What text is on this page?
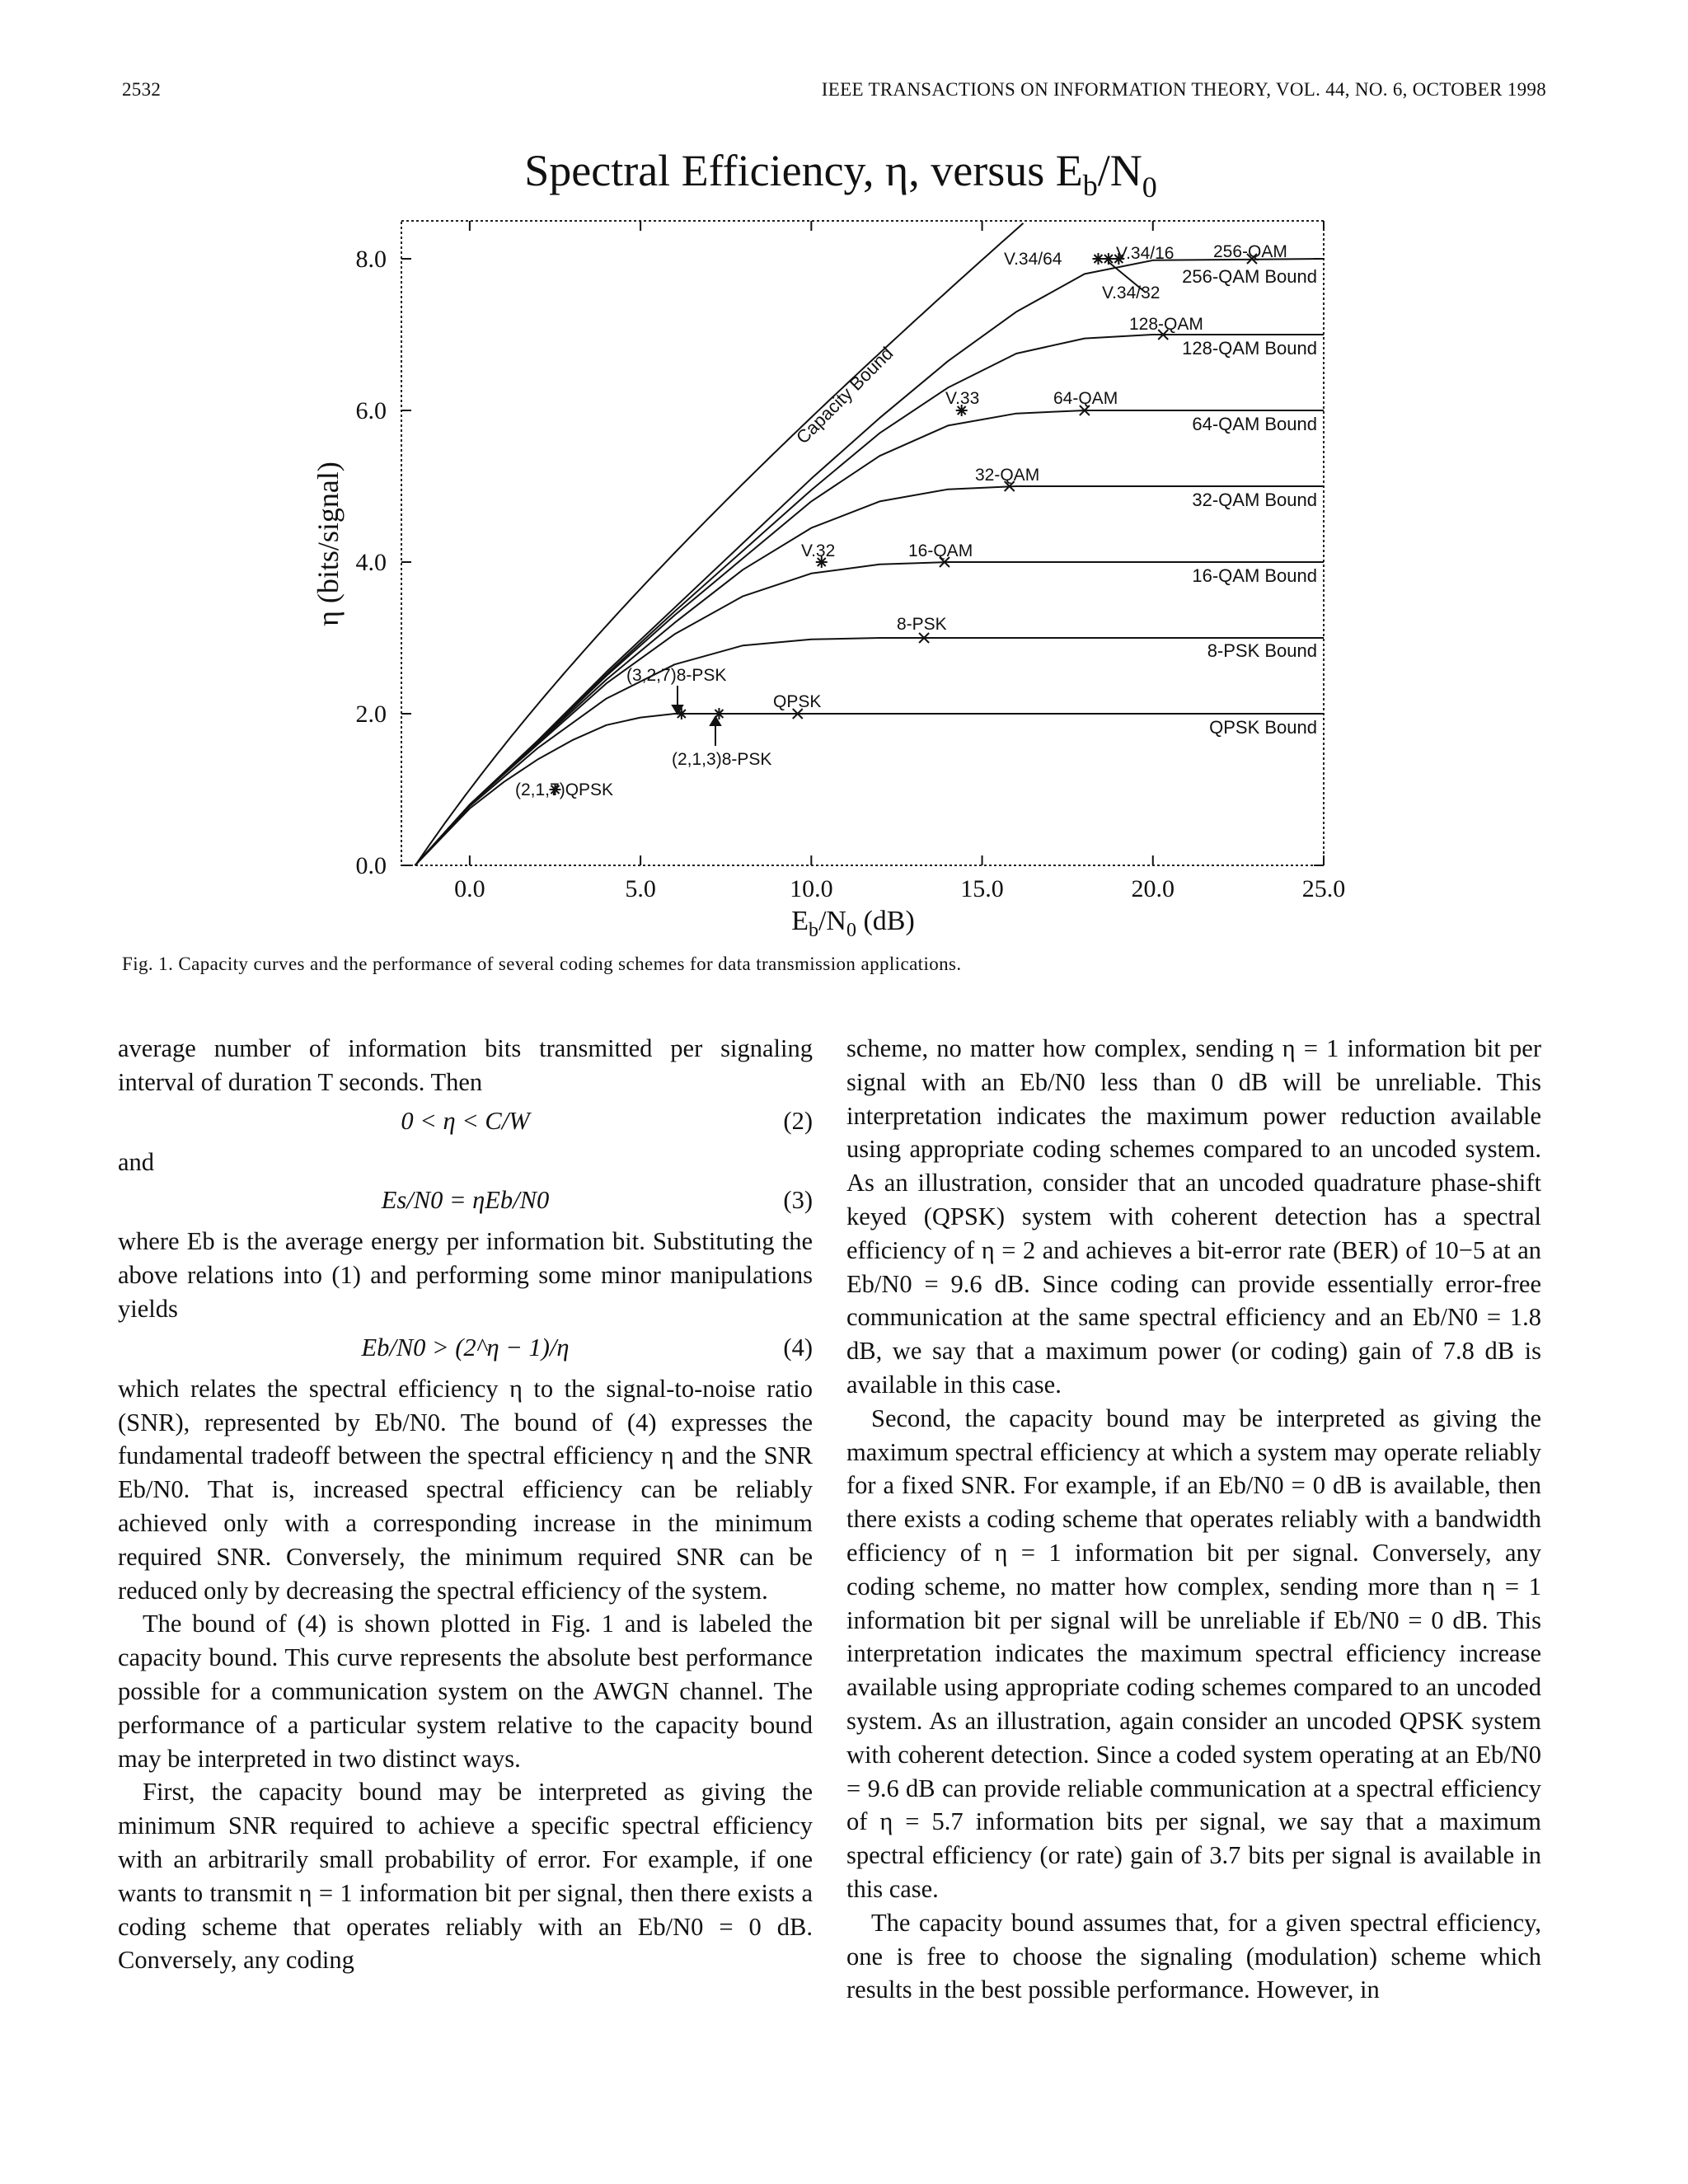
2532	IEEE TRANSACTIONS ON INFORMATION THEORY, VOL. 44, NO. 6, OCTOBER 1998
Spectral Efficiency, η, versus $E_b/N_0$
0.0	5.0	10.0	15.0	20.0	25.0
0.0
2.0
4.0
6.0
8.0
Capacity Bound
256-QAM Bound
128-QAM Bound
64-QAM Bound
32-QAM Bound
16-QAM Bound
8-PSK Bound
QPSK Bound
256-QAM
V.34/64	V.34/16
V.34/32
128-QAM
V.33	64-QAM
32-QAM
V.32	16-QAM
8-PSK
(3,2,7)8-PSK
QPSK
(2,1,3)8-PSK
(2,1,7)QPSK
$E_b/N_0$ (dB)
η (bits/signal)
Fig. 1. Capacity curves and the performance of several coding schemes for data transmission applications.

average number of information bits transmitted per signaling interval of duration T seconds. Then

0 < η < C/W	(2)

and

Es/N0 = ηEb/N0	(3)

where Eb is the average energy per information bit. Substituting the above relations into (1) and performing some minor manipulations yields

Eb/N0 > (2^η − 1)/η	(4)

which relates the spectral efficiency η to the signal-to-noise ratio (SNR), represented by Eb/N0. The bound of (4) expresses the fundamental tradeoff between the spectral efficiency η and the SNR Eb/N0. That is, increased spectral efficiency can be reliably achieved only with a corresponding increase in the minimum required SNR. Conversely, the minimum required SNR can be reduced only by decreasing the spectral efficiency of the system.

The bound of (4) is shown plotted in Fig. 1 and is labeled the capacity bound. This curve represents the absolute best performance possible for a communication system on the AWGN channel. The performance of a particular system relative to the capacity bound may be interpreted in two distinct ways.

First, the capacity bound may be interpreted as giving the minimum SNR required to achieve a specific spectral efficiency with an arbitrarily small probability of error. For example, if one wants to transmit η = 1 information bit per signal, then there exists a coding scheme that operates reliably with an Eb/N0 = 0 dB. Conversely, any coding

scheme, no matter how complex, sending η = 1 information bit per signal with an Eb/N0 less than 0 dB will be unreliable. This interpretation indicates the maximum power reduction available using appropriate coding schemes compared to an uncoded system. As an illustration, consider that an uncoded quadrature phase-shift keyed (QPSK) system with coherent detection has a spectral efficiency of η = 2 and achieves a bit-error rate (BER) of 10−5 at an Eb/N0 = 9.6 dB. Since coding can provide essentially error-free communication at the same spectral efficiency and an Eb/N0 = 1.8 dB, we say that a maximum power (or coding) gain of 7.8 dB is available in this case.

Second, the capacity bound may be interpreted as giving the maximum spectral efficiency at which a system may operate reliably for a fixed SNR. For example, if an Eb/N0 = 0 dB is available, then there exists a coding scheme that operates reliably with a bandwidth efficiency of η = 1 information bit per signal. Conversely, any coding scheme, no matter how complex, sending more than η = 1 information bit per signal will be unreliable if Eb/N0 = 0 dB. This interpretation indicates the maximum spectral efficiency increase available using appropriate coding schemes compared to an uncoded system. As an illustration, again consider an uncoded QPSK system with coherent detection. Since a coded system operating at an Eb/N0 = 9.6 dB can provide reliable communication at a spectral efficiency of η = 5.7 information bits per signal, we say that a maximum spectral efficiency (or rate) gain of 3.7 bits per signal is available in this case.

The capacity bound assumes that, for a given spectral efficiency, one is free to choose the signaling (modulation) scheme which results in the best possible performance. However, in
